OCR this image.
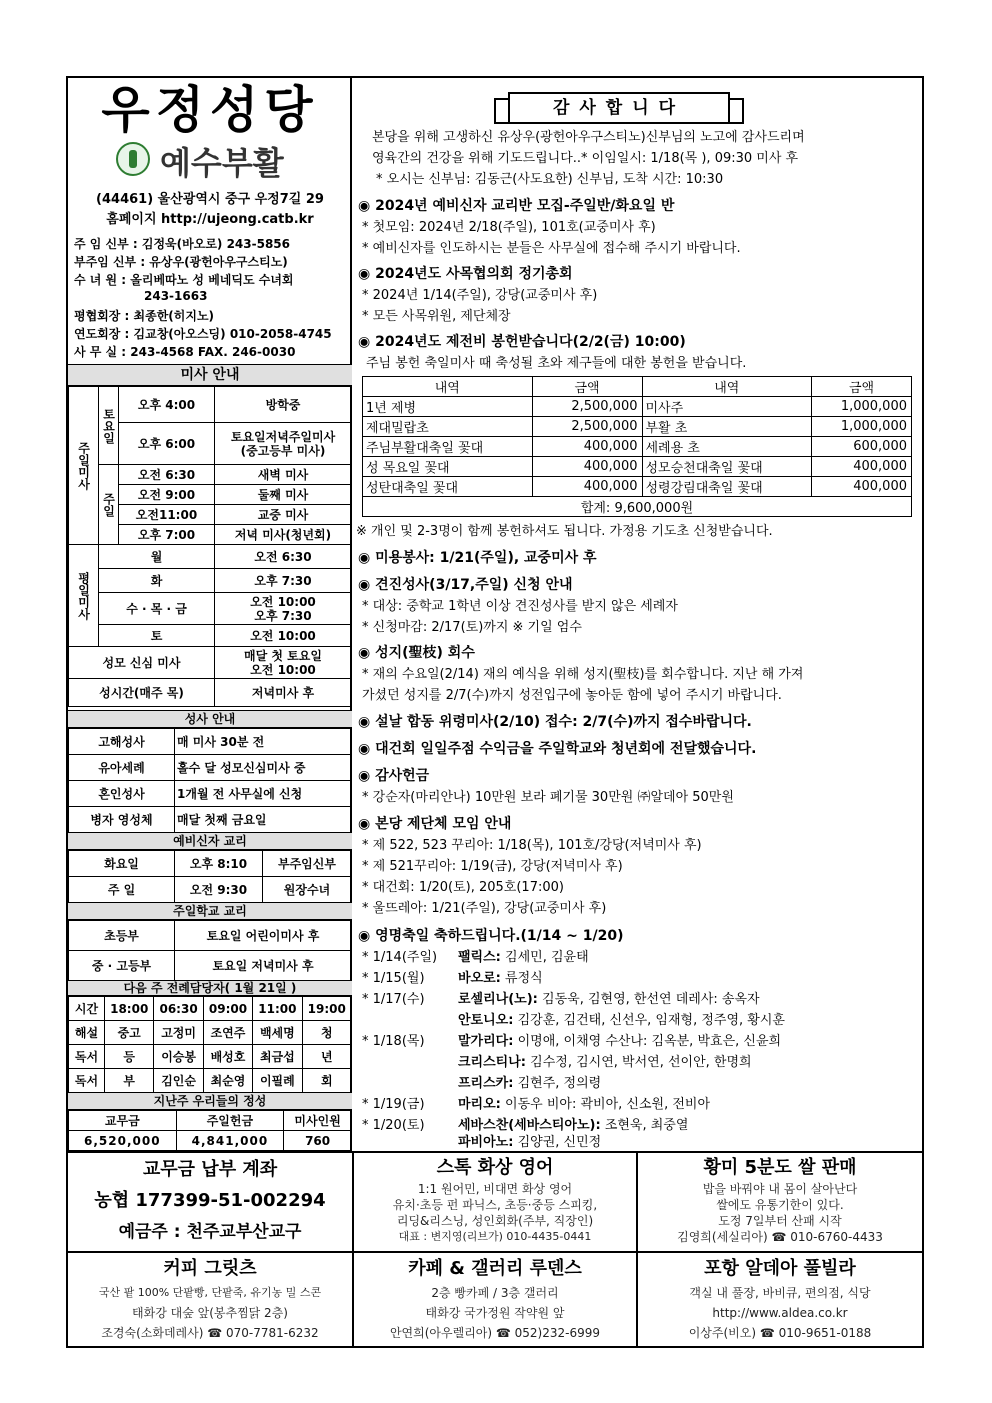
우정성당
예수부활
(44461) 울산광역시 중구 우정7길 29
홈페이지 http://ujeong.catb.kr
주 임 신부 : 김정욱(바오로) 243-5856
부주임 신부 : 유상우(광헌아우구스티노)
수 녀 원 : 올리베따노 성 베네딕도 수녀회
243-1663
평협회장 : 최종한(히지노)
연도회장 : 김교창(아오스딩) 010-2058-4745
사 무 실 : 243-4568 FAX. 246-0030
미사 안내
주일미사	토요일	오후 4:00	방학중
		오후 6:00	토요일저녁주일미사
(중고등부 미사)
	주일	오전 6:30	새벽 미사
		오전 9:00	둘째 미사
		오전11:00	교중 미사
		오후 7:00	저녁 미사(청년회)
평일미사	월		오전 6:30
	화		오후 7:30
	수 · 목 · 금		오전 10:00
오후 7:30
	토		오전 10:00
성모 신심 미사			매달 첫 토요일
오전 10:00
성시간(매주 목)			저녁미사 후
성사 안내
고해성사	매 미사 30분 전
유아세례	홀수 달 성모신심미사 중
혼인성사	1개월 전 사무실에 신청
병자 영성체	매달 첫째 금요일
예비신자 교리
화요일	오후 8:10	부주임신부
주 일	오전 9:30	원장수녀
주일학교 교리
초등부	토요일 어린이미사 후
중 · 고등부	토요일 저녁미사 후
다음 주 전례담당자( 1월 21일 )
시간	18:00	06:30	09:00	11:00	19:00
해설	중고	고정미	조연주	백세명	청
독서	등	이승봉	배성호	최금섭	년
독서	부	김인순	최순영	이필례	회
지난주 우리들의 정성
교무금	주일헌금	미사인원
6,520,000	4,841,000	760
감사합니다
본당을 위해 고생하신 유상우(광헌아우구스티노)신부님의 노고에 감사드리며
영육간의 건강을 위해 기도드립니다..* 이임일시: 1/18(목 ), 09:30 미사 후
* 오시는 신부님: 김동근(사도요한) 신부님, 도착 시간: 10:30
◉ 2024년 예비신자 교리반 모집-주일반/화요일 반
* 첫모임: 2024년 2/18(주일), 101호(교중미사 후)
* 예비신자를 인도하시는 분들은 사무실에 접수해 주시기 바랍니다.
◉ 2024년도 사목협의회 정기총회
* 2024년 1/14(주일), 강당(교중미사 후)
* 모든 사목위원, 제단체장
◉ 2024년도 제전비 봉헌받습니다(2/2(금) 10:00)
주님 봉헌 축일미사 때 축성될 초와 제구들에 대한 봉헌을 받습니다.
내역	금액	내역	금액
1년 제병	2,500,000	미사주	1,000,000
제대밀랍초	2,500,000	부활 초	1,000,000
주님부활대축일 꽃대	400,000	세례용 초	600,000
성 목요일 꽃대	400,000	성모승천대축일 꽃대	400,000
성탄대축일 꽃대	400,000	성령강림대축일 꽃대	400,000
합계: 9,600,000원			
※ 개인 및 2-3명이 함께 봉헌하셔도 됩니다. 가정용 기도초 신청받습니다.
◉ 미용봉사: 1/21(주일), 교중미사 후
◉ 견진성사(3/17,주일) 신청 안내
* 대상: 중학교 1학년 이상 견진성사를 받지 않은 세례자
* 신청마감: 2/17(토)까지 ※ 기일 엄수
◉ 성지(聖枝) 회수
* 재의 수요일(2/14) 재의 예식을 위해 성지(聖枝)를 회수합니다. 지난 해 가져
가셨던 성지를 2/7(수)까지 성전입구에 놓아둔 함에 넣어 주시기 바랍니다.
◉ 설날 합동 위령미사(2/10) 접수: 2/7(수)까지 접수바랍니다.
◉ 대건회 일일주점 수익금을 주일학교와 청년회에 전달했습니다.
◉ 감사헌금
* 강순자(마리안나) 10만원 보라 폐기물 30만원 ㈜알데아 50만원
◉ 본당 제단체 모임 안내
* 제 522, 523 꾸리아: 1/18(목), 101호/강당(저녁미사 후)
* 제 521꾸리아: 1/19(금), 강당(저녁미사 후)
* 대건회: 1/20(토), 205호(17:00)
* 울뜨레아: 1/21(주일), 강당(교중미사 후)
◉ 영명축일 축하드립니다.(1/14 ~ 1/20)
* 1/14(주일) 팰릭스: 김세민, 김윤태
* 1/15(월)	바오로: 류정식
* 1/17(수)	로셀리나(노): 김동욱, 김현영, 한선연 데레사: 송옥자
안토니오: 김강훈, 김건태, 신선우, 임재형, 정주영, 황시훈
* 1/18(목)	말가리다: 이명애, 이채영 수산나: 김옥분, 박효은, 신윤희
크리스티나: 김수정, 김시연, 박서연, 선이안, 한명희
프리스카: 김현주, 정의령
* 1/19(금)	마리오: 이동우 비아: 곽비아, 신소원, 전비아
* 1/20(토)	세바스찬(세바스티아노): 조현욱, 최중열
파비아노: 김양권, 신민정
교무금 납부 계좌
농협 177399-51-002294
예금주 : 천주교부산교구
스톡 화상 영어
1:1 원어민, 비대면 화상 영어
유치·초등 펀 파닉스, 초등·중등 스피킹,
리딩&리스닝, 성인회화(주부, 직장인)
대표 : 변지영(리브가) 010-4435-0441
황미 5분도 쌀 판매
밥을 바꿔야 내 몸이 살아난다
쌀에도 유통기한이 있다.
도정 7일부터 산패 시작
김영희(세실리아) ☎ 010-6760-4433
커피 그릿츠
국산 팥 100% 단팥빵, 단팥죽, 유기농 밀 스콘
태화강 대숲 앞(봉추찜닭 2층)
조경숙(소화데레사) ☎ 070-7781-6232
카페 & 갤러리 루덴스
2층 빵카페 / 3층 갤러리
태화강 국가정원 작약원 앞
안연희(아우렐리아) ☎ 052)232-6999
포항 알데아 풀빌라
객실 내 풀장, 바비큐, 편의점, 식당
http://www.aldea.co.kr
이상주(비오) ☎ 010-9651-0188
